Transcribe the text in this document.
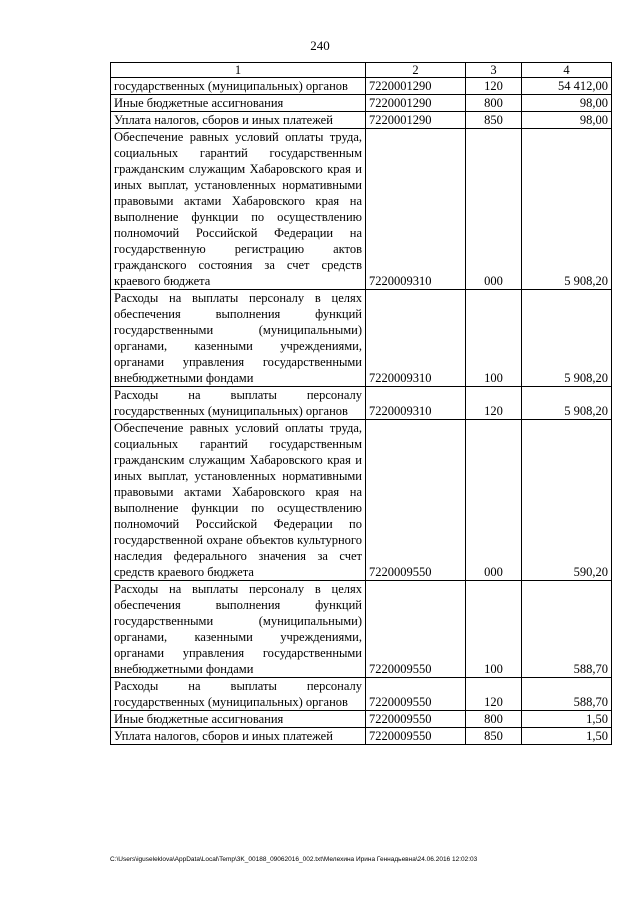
240
1	2	3	4
государственных (муниципальных) органов	7220001290	120	54 412,00
Иные бюджетные ассигнования	7220001290	800	98,00
Уплата налогов, сборов и иных платежей	7220001290	850	98,00
Обеспечение равных условий оплаты труда, социальных гарантий государственным гражданским служащим Хабаровского края и иных выплат, установленных нормативными правовыми актами Хабаровского края на выполнение функции по осуществлению полномочий Российской Федерации на государственную регистрацию актов гражданского состояния за счет средств краевого бюджета	7220009310	000	5 908,20
Расходы на выплаты персоналу в целях обеспечения выполнения функций государственными (муниципальными) органами, казенными учреждениями, органами управления государственными внебюджетными фондами	7220009310	100	5 908,20
Расходы на выплаты персоналу государственных (муниципальных) органов	7220009310	120	5 908,20
Обеспечение равных условий оплаты труда, социальных гарантий государственным гражданским служащим Хабаровского края и иных выплат, установленных нормативными правовыми актами Хабаровского края на выполнение функции по осуществлению полномочий Российской Федерации по государственной охране объектов культурного наследия федерального значения за счет средств краевого бюджета	7220009550	000	590,20
Расходы на выплаты персоналу в целях обеспечения выполнения функций государственными (муниципальными) органами, казенными учреждениями, органами управления государственными внебюджетными фондами	7220009550	100	588,70
Расходы на выплаты персоналу государственных (муниципальных) органов	7220009550	120	588,70
Иные бюджетные ассигнования	7220009550	800	1,50
Уплата налогов, сборов и иных платежей	7220009550	850	1,50
C:\Users\iguseleklova\AppData\Local\Temp\3K_00188_09062016_002.txt\Мелехина Ирина Геннадьевна\24.06.2016 12:02:03
